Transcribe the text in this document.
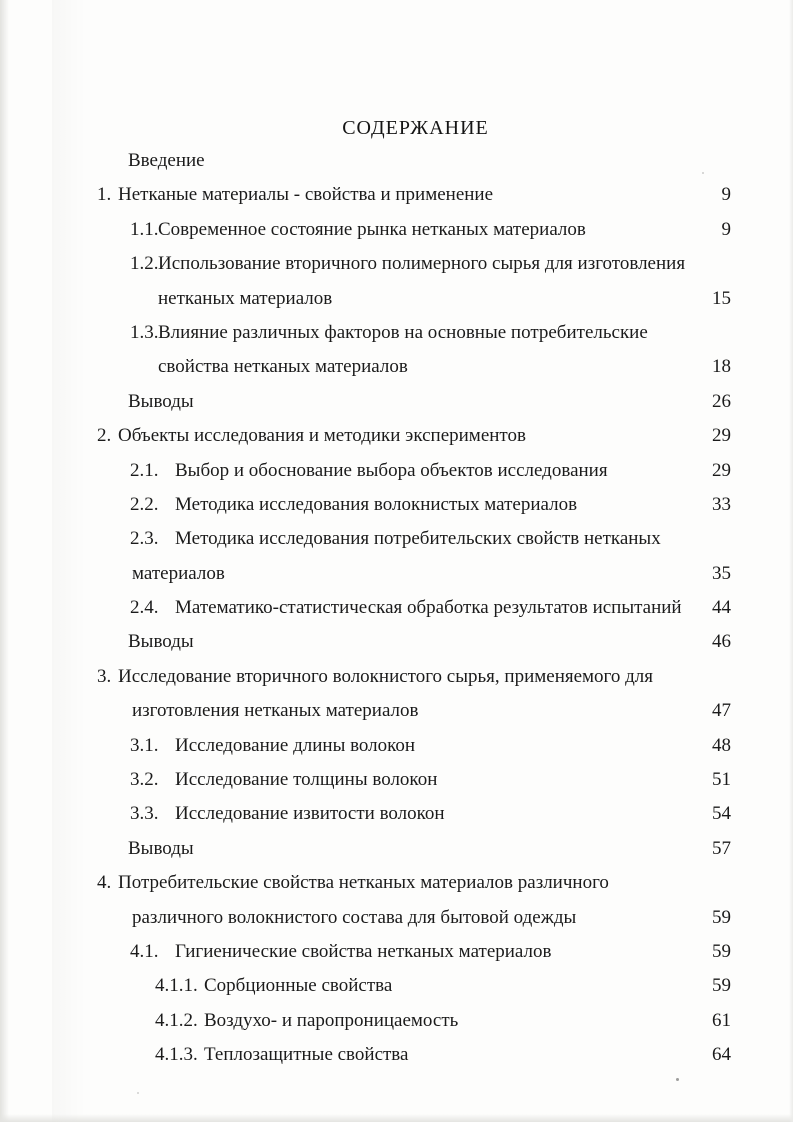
СОДЕРЖАНИЕ
Введение
1. Нетканые материалы - свойства и применение	9
1.1. Современное состояние рынка нетканых материалов	9
1.2. Использование вторичного полимерного сырья для изготовления
нетканых материалов	15
1.3. Влияние различных факторов на основные потребительские
свойства нетканых материалов	18
Выводы	26
2. Объекты исследования и методики экспериментов	29
2.1. Выбор и обоснование выбора объектов исследования	29
2.2. Методика исследования волокнистых материалов	33
2.3. Методика исследования потребительских свойств нетканых
материалов	35
2.4. Математико-статистическая обработка результатов испытаний	44
Выводы	46
3. Исследование вторичного волокнистого сырья, применяемого для
изготовления нетканых материалов	47
3.1. Исследование длины волокон	48
3.2. Исследование толщины волокон	51
3.3. Исследование извитости волокон	54
Выводы	57
4. Потребительские свойства нетканых материалов различного
различного волокнистого состава для бытовой одежды	59
4.1. Гигиенические свойства нетканых материалов	59
4.1.1. Сорбционные свойства	59
4.1.2. Воздухо- и паропроницаемость	61
4.1.3. Теплозащитные свойства	64
